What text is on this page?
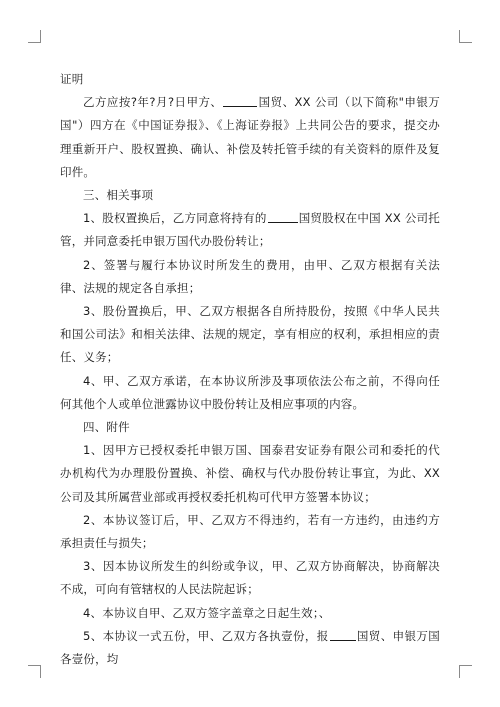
证明

乙方应按?年?月?日甲方、	国贸、XX 公司（以下简称"申银万国"）四方在《中国证券报》、《上海证券报》上共同公告的要求，提交办理重新开户、股权置换、确认、补偿及转托管手续的有关资料的原件及复印件。

三、相关事项

1、股权置换后，乙方同意将持有的	国贸股权在中国 XX 公司托管，并同意委托申银万国代办股份转让；

2、签署与履行本协议时所发生的费用，由甲、乙双方根据有关法律、法规的规定各自承担；

3、股份置换后，甲、乙双方根据各自所持股份，按照《中华人民共和国公司法》和相关法律、法规的规定，享有相应的权利，承担相应的责任、义务；

4、甲、乙双方承诺，在本协议所涉及事项依法公布之前，不得向任何其他个人或单位泄露协议中股份转让及相应事项的内容。

四、附件

1、因甲方已授权委托申银万国、国泰君安证券有限公司和委托的代办机构代为办理股份置换、补偿、确权与代办股份转让事宜，为此、XX 公司及其所属营业部或再授权委托机构可代甲方签署本协议；

2、本协议签订后，甲、乙双方不得违约，若有一方违约，由违约方承担责任与损失；

3、因本协议所发生的纠纷或争议，甲、乙双方协商解决，协商解决不成，可向有管辖权的人民法院起诉；

4、本协议自甲、乙双方签字盖章之日起生效；、

5、本协议一式五份，甲、乙双方各执壹份，报 国贸、申银万国各壹份，均
